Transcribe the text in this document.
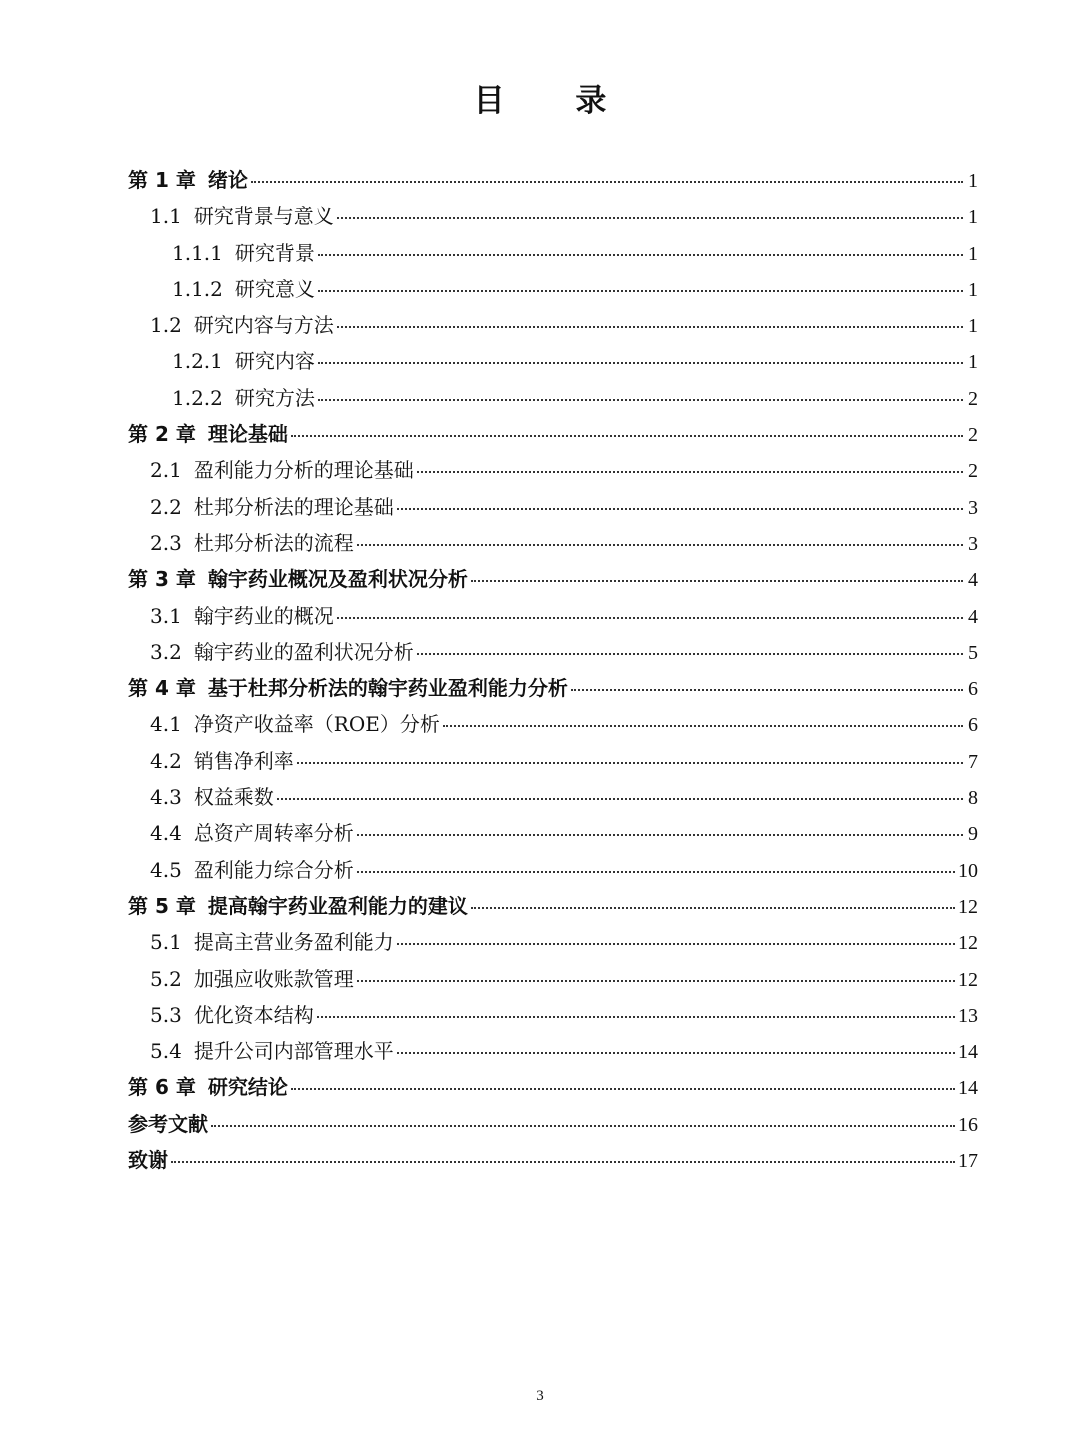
目 录
第 1 章 绪论	1
1.1 研究背景与意义	1
1.1.1 研究背景	1
1.1.2 研究意义	1
1.2 研究内容与方法	1
1.2.1 研究内容	1
1.2.2 研究方法	2
第 2 章 理论基础	2
2.1 盈利能力分析的理论基础	2
2.2 杜邦分析法的理论基础	3
2.3 杜邦分析法的流程	3
第 3 章 翰宇药业概况及盈利状况分析	4
3.1 翰宇药业的概况	4
3.2 翰宇药业的盈利状况分析	5
第 4 章 基于杜邦分析法的翰宇药业盈利能力分析	6
4.1 净资产收益率（ROE）分析	6
4.2 销售净利率	7
4.3 权益乘数	8
4.4 总资产周转率分析	9
4.5 盈利能力综合分析	10
第 5 章 提高翰宇药业盈利能力的建议	12
5.1 提高主营业务盈利能力	12
5.2 加强应收账款管理	12
5.3 优化资本结构	13
5.4 提升公司内部管理水平	14
第 6 章 研究结论	14
参考文献	16
致谢	17
3
